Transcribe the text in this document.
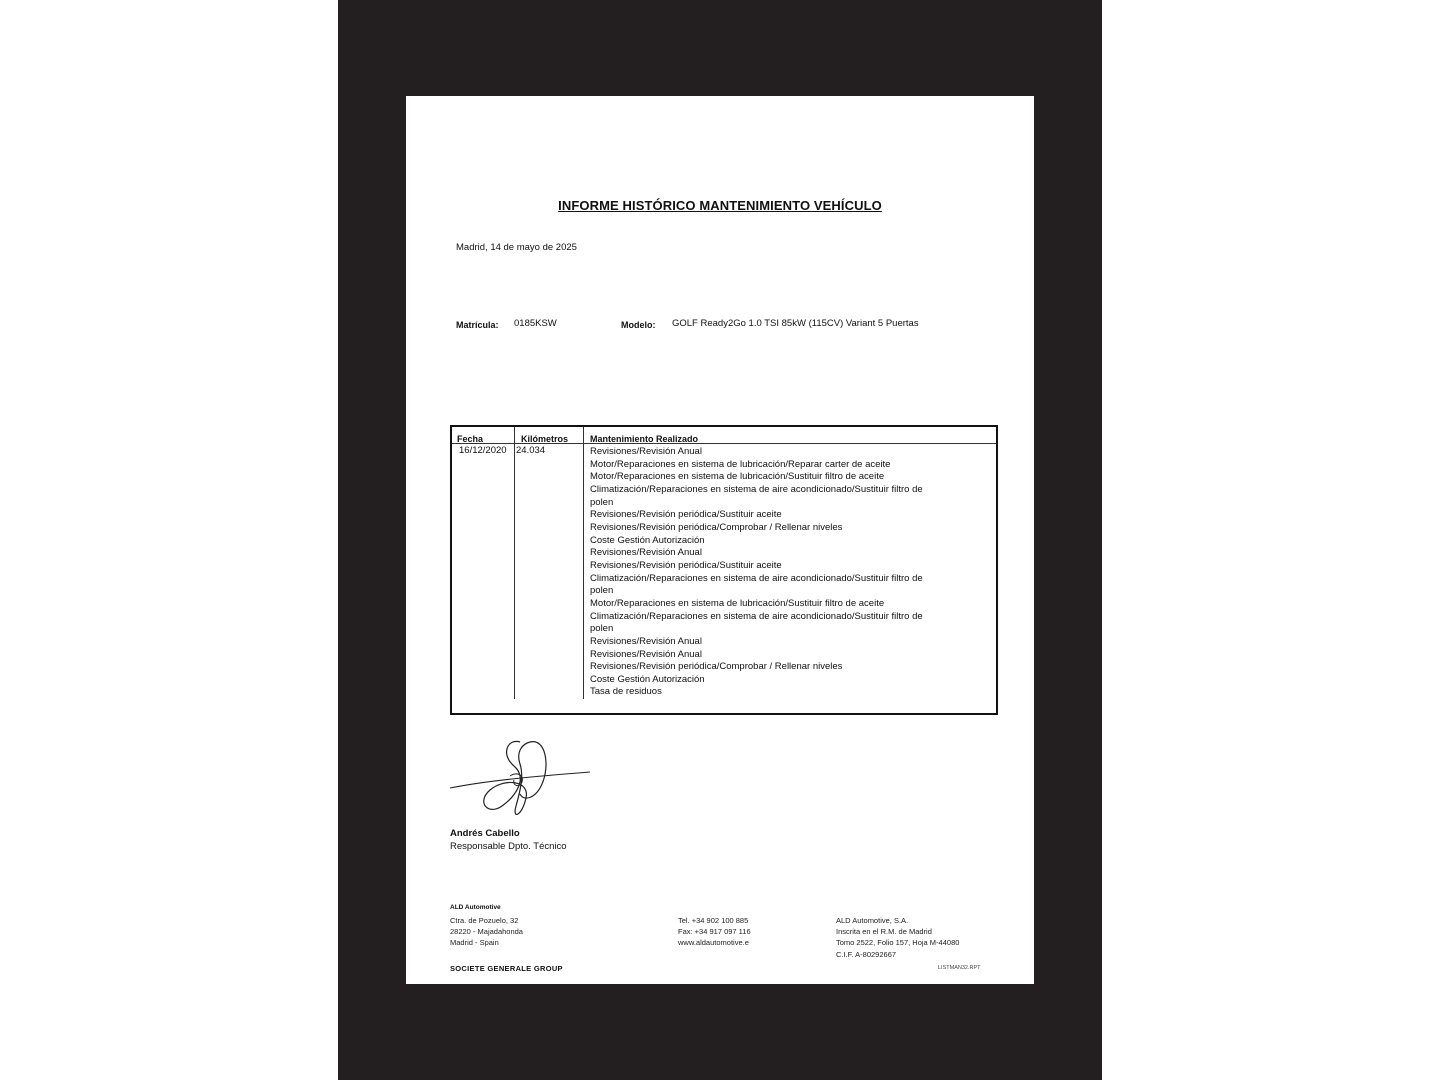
INFORME HISTÓRICO MANTENIMIENTO VEHÍCULO
Madrid, 14 de mayo de 2025
Matrícula: 0185KSW	Modelo: GOLF Ready2Go 1.0 TSI 85kW (115CV) Variant 5 Puertas
Fecha	Kilómetros Mantenimiento Realizado
16/12/2020 24.034	Revisiones/Revisión Anual
Motor/Reparaciones en sistema de lubricación/Reparar carter de aceite
Motor/Reparaciones en sistema de lubricación/Sustituir filtro de aceite
Climatización/Reparaciones en sistema de aire acondicionado/Sustituir filtro de polen
Revisiones/Revisión periódica/Sustituir aceite
Revisiones/Revisión periódica/Comprobar / Rellenar niveles
Coste Gestión Autorización
Revisiones/Revisión Anual
Revisiones/Revisión periódica/Sustituir aceite
Climatización/Reparaciones en sistema de aire acondicionado/Sustituir filtro de polen
Motor/Reparaciones en sistema de lubricación/Sustituir filtro de aceite
Climatización/Reparaciones en sistema de aire acondicionado/Sustituir filtro de polen
Revisiones/Revisión Anual
Revisiones/Revisión Anual
Revisiones/Revisión periódica/Comprobar / Rellenar niveles
Coste Gestión Autorización
Tasa de residuos
Andrés Cabello
Responsable Dpto. Técnico
ALD Automotive
Ctra. de Pozuelo, 32
28220 - Majadahonda
Madrid - Spain
Tel. +34 902 100 885
Fax: +34 917 097 116
www.aldautomotive.e
ALD Automotive, S.A.
Inscrita en el R.M. de Madrid
Tomo 2522, Folio 157, Hoja M-44080
C.I.F. A-80292667
SOCIETE GENERALE GROUP	LISTMAN32.RPT
